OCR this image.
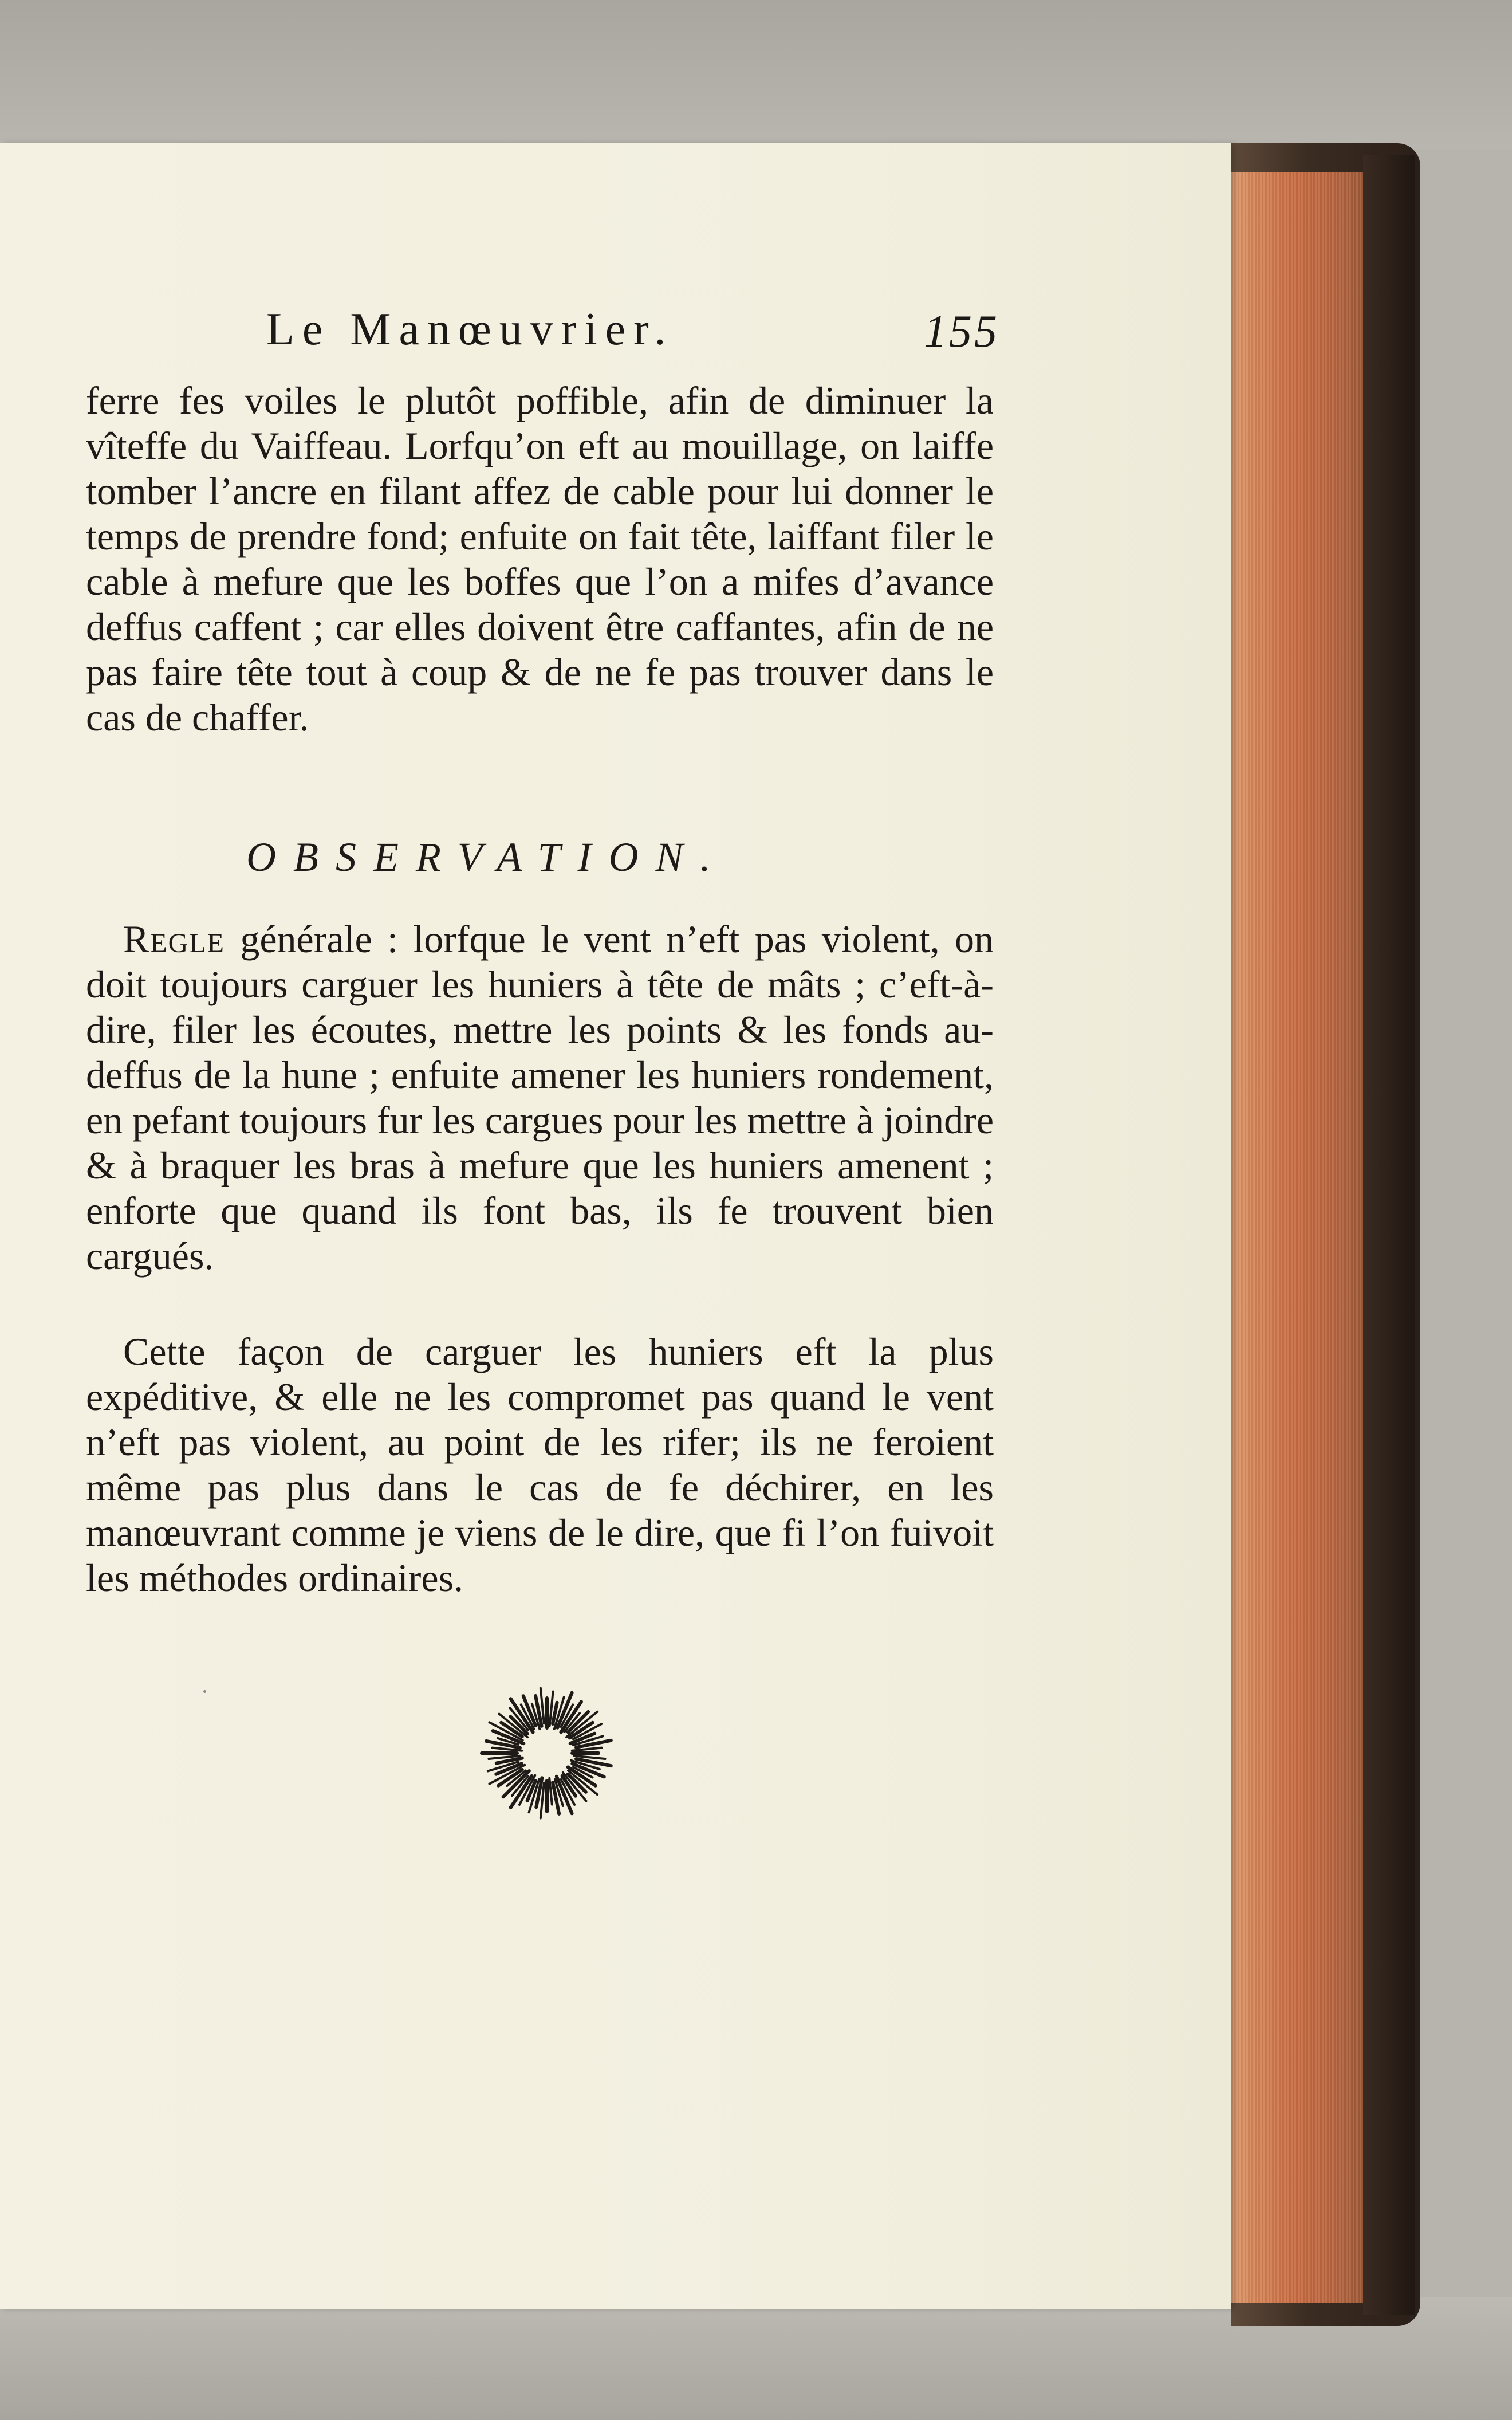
Le Manœuvrier.	155

ferre fes voiles le plutôt poffible, afin de diminuer la vîteffe du Vaiffeau. Lorfqu’on eft au mouillage, on laiffe tomber l’ancre en filant affez de cable pour lui donner le temps de prendre fond; enfuite on fait tête, laiffant filer le cable à mefure que les boffes que l’on a mifes d’avance deffus caffent ; car elles doivent être caffantes, afin de ne pas faire tête tout à coup & de ne fe pas trouver dans le cas de chaffer.

OBSERVATION.

Regle générale : lorfque le vent n’eft pas violent, on doit toujours carguer les huniers à tête de mâts ; c’eft-à-dire, filer les écoutes, mettre les points & les fonds au-deffus de la hune ; enfuite amener les huniers rondement, en pefant toujours fur les cargues pour les mettre à joindre & à braquer les bras à mefure que les huniers amenent ; enforte que quand ils font bas, ils fe trouvent bien cargués.

Cette façon de carguer les huniers eft la plus expéditive, & elle ne les compromet pas quand le vent n’eft pas violent, au point de les rifer; ils ne feroient même pas plus dans le cas de fe déchirer, en les manœuvrant comme je viens de le dire, que fi l’on fuivoit les méthodes ordinaires.
